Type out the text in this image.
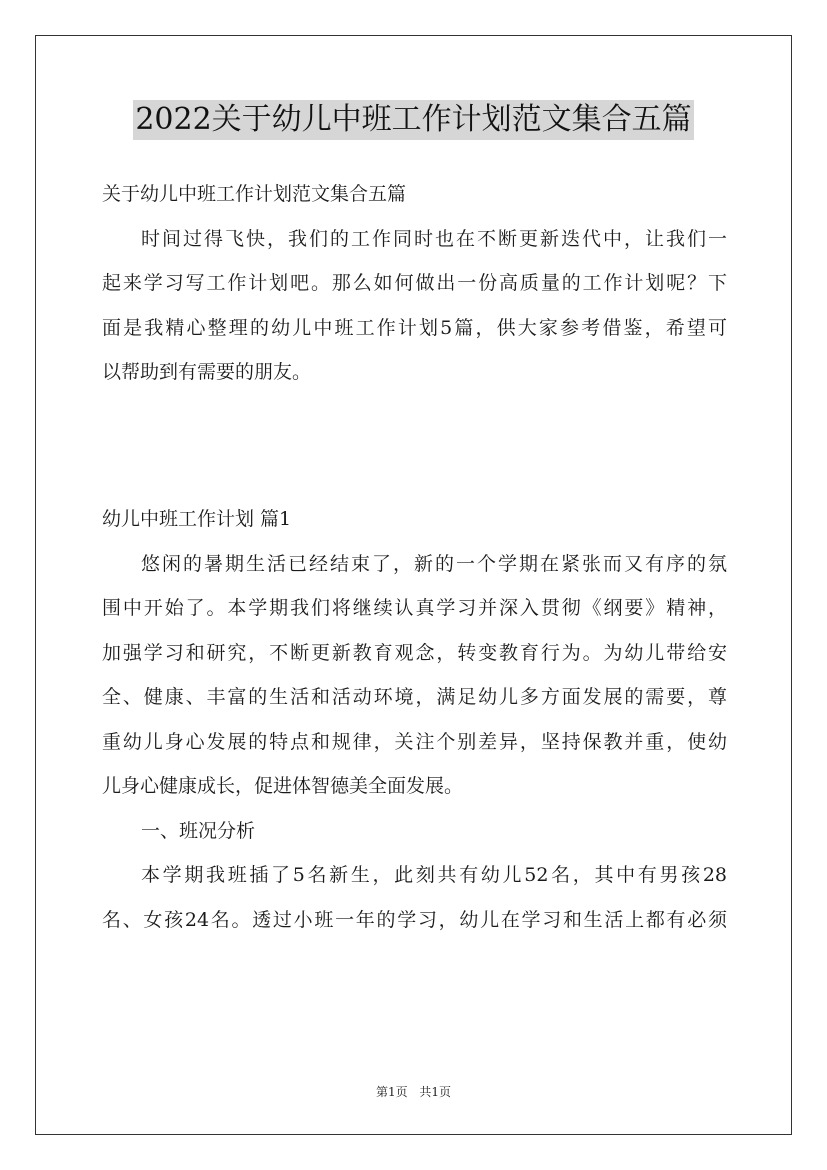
2022关于幼儿中班工作计划范文集合五篇
关于幼儿中班工作计划范文集合五篇
时间过得飞快，我们的工作同时也在不断更新迭代中，让我们一
起来学习写工作计划吧。那么如何做出一份高质量的工作计划呢？下
面是我精心整理的幼儿中班工作计划5篇，供大家参考借鉴，希望可
以帮助到有需要的朋友。
幼儿中班工作计划 篇1
悠闲的暑期生活已经结束了，新的一个学期在紧张而又有序的氛
围中开始了。本学期我们将继续认真学习并深入贯彻《纲要》精神，
加强学习和研究，不断更新教育观念，转变教育行为。为幼儿带给安
全、健康、丰富的生活和活动环境，满足幼儿多方面发展的需要，尊
重幼儿身心发展的特点和规律，关注个别差异，坚持保教并重，使幼
儿身心健康成长，促进体智德美全面发展。
一、班况分析
本学期我班插了5名新生，此刻共有幼儿52名，其中有男孩28
名、女孩24名。透过小班一年的学习，幼儿在学习和生活上都有必须
第1页 共1页
